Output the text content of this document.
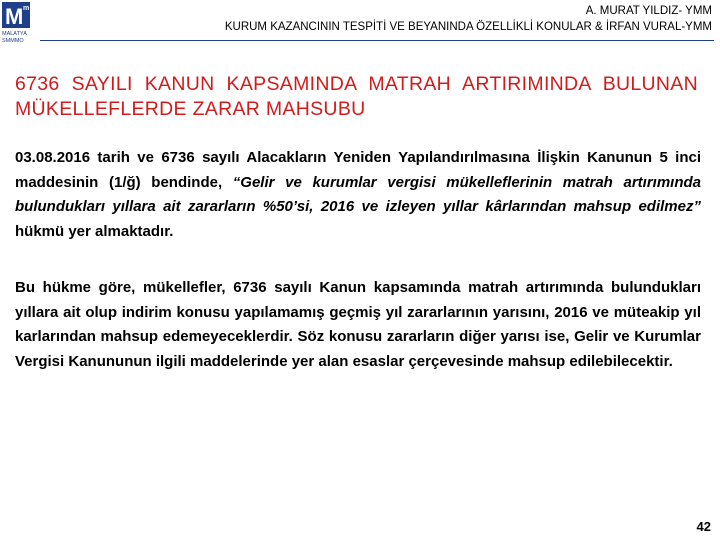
M m
MALATYA
SMMMO
A. MURAT YILDIZ- YMM
KURUM KAZANCININ TESPİTİ VE BEYANINDA ÖZELLİKLİ KONULAR & İRFAN VURAL-YMM
6736 SAYILI KANUN KAPSAMINDA MATRAH ARTIRIMINDA BULUNAN MÜKELLEFLERDE ZARAR MAHSUBU
03.08.2016 tarih ve 6736 sayılı Alacakların Yeniden Yapılandırılmasına İlişkin Kanunun 5 inci maddesinin (1/ğ) bendinde, “Gelir ve kurumlar vergisi mükelleflerinin matrah artırımında bulundukları yıllara ait zararların %50’si, 2016 ve izleyen yıllar kârlarından mahsup edilmez” hükmü yer almaktadır.
Bu hükme göre, mükellefler, 6736 sayılı Kanun kapsamında matrah artırımında bulundukları yıllara ait olup indirim konusu yapılamamış geçmiş yıl zararlarının yarısını, 2016 ve müteakip yıl karlarından mahsup edemeyeceklerdir. Söz konusu zararların diğer yarısı ise, Gelir ve Kurumlar Vergisi Kanununun ilgili maddelerinde yer alan esaslar çerçevesinde mahsup edilebilecektir.
42
